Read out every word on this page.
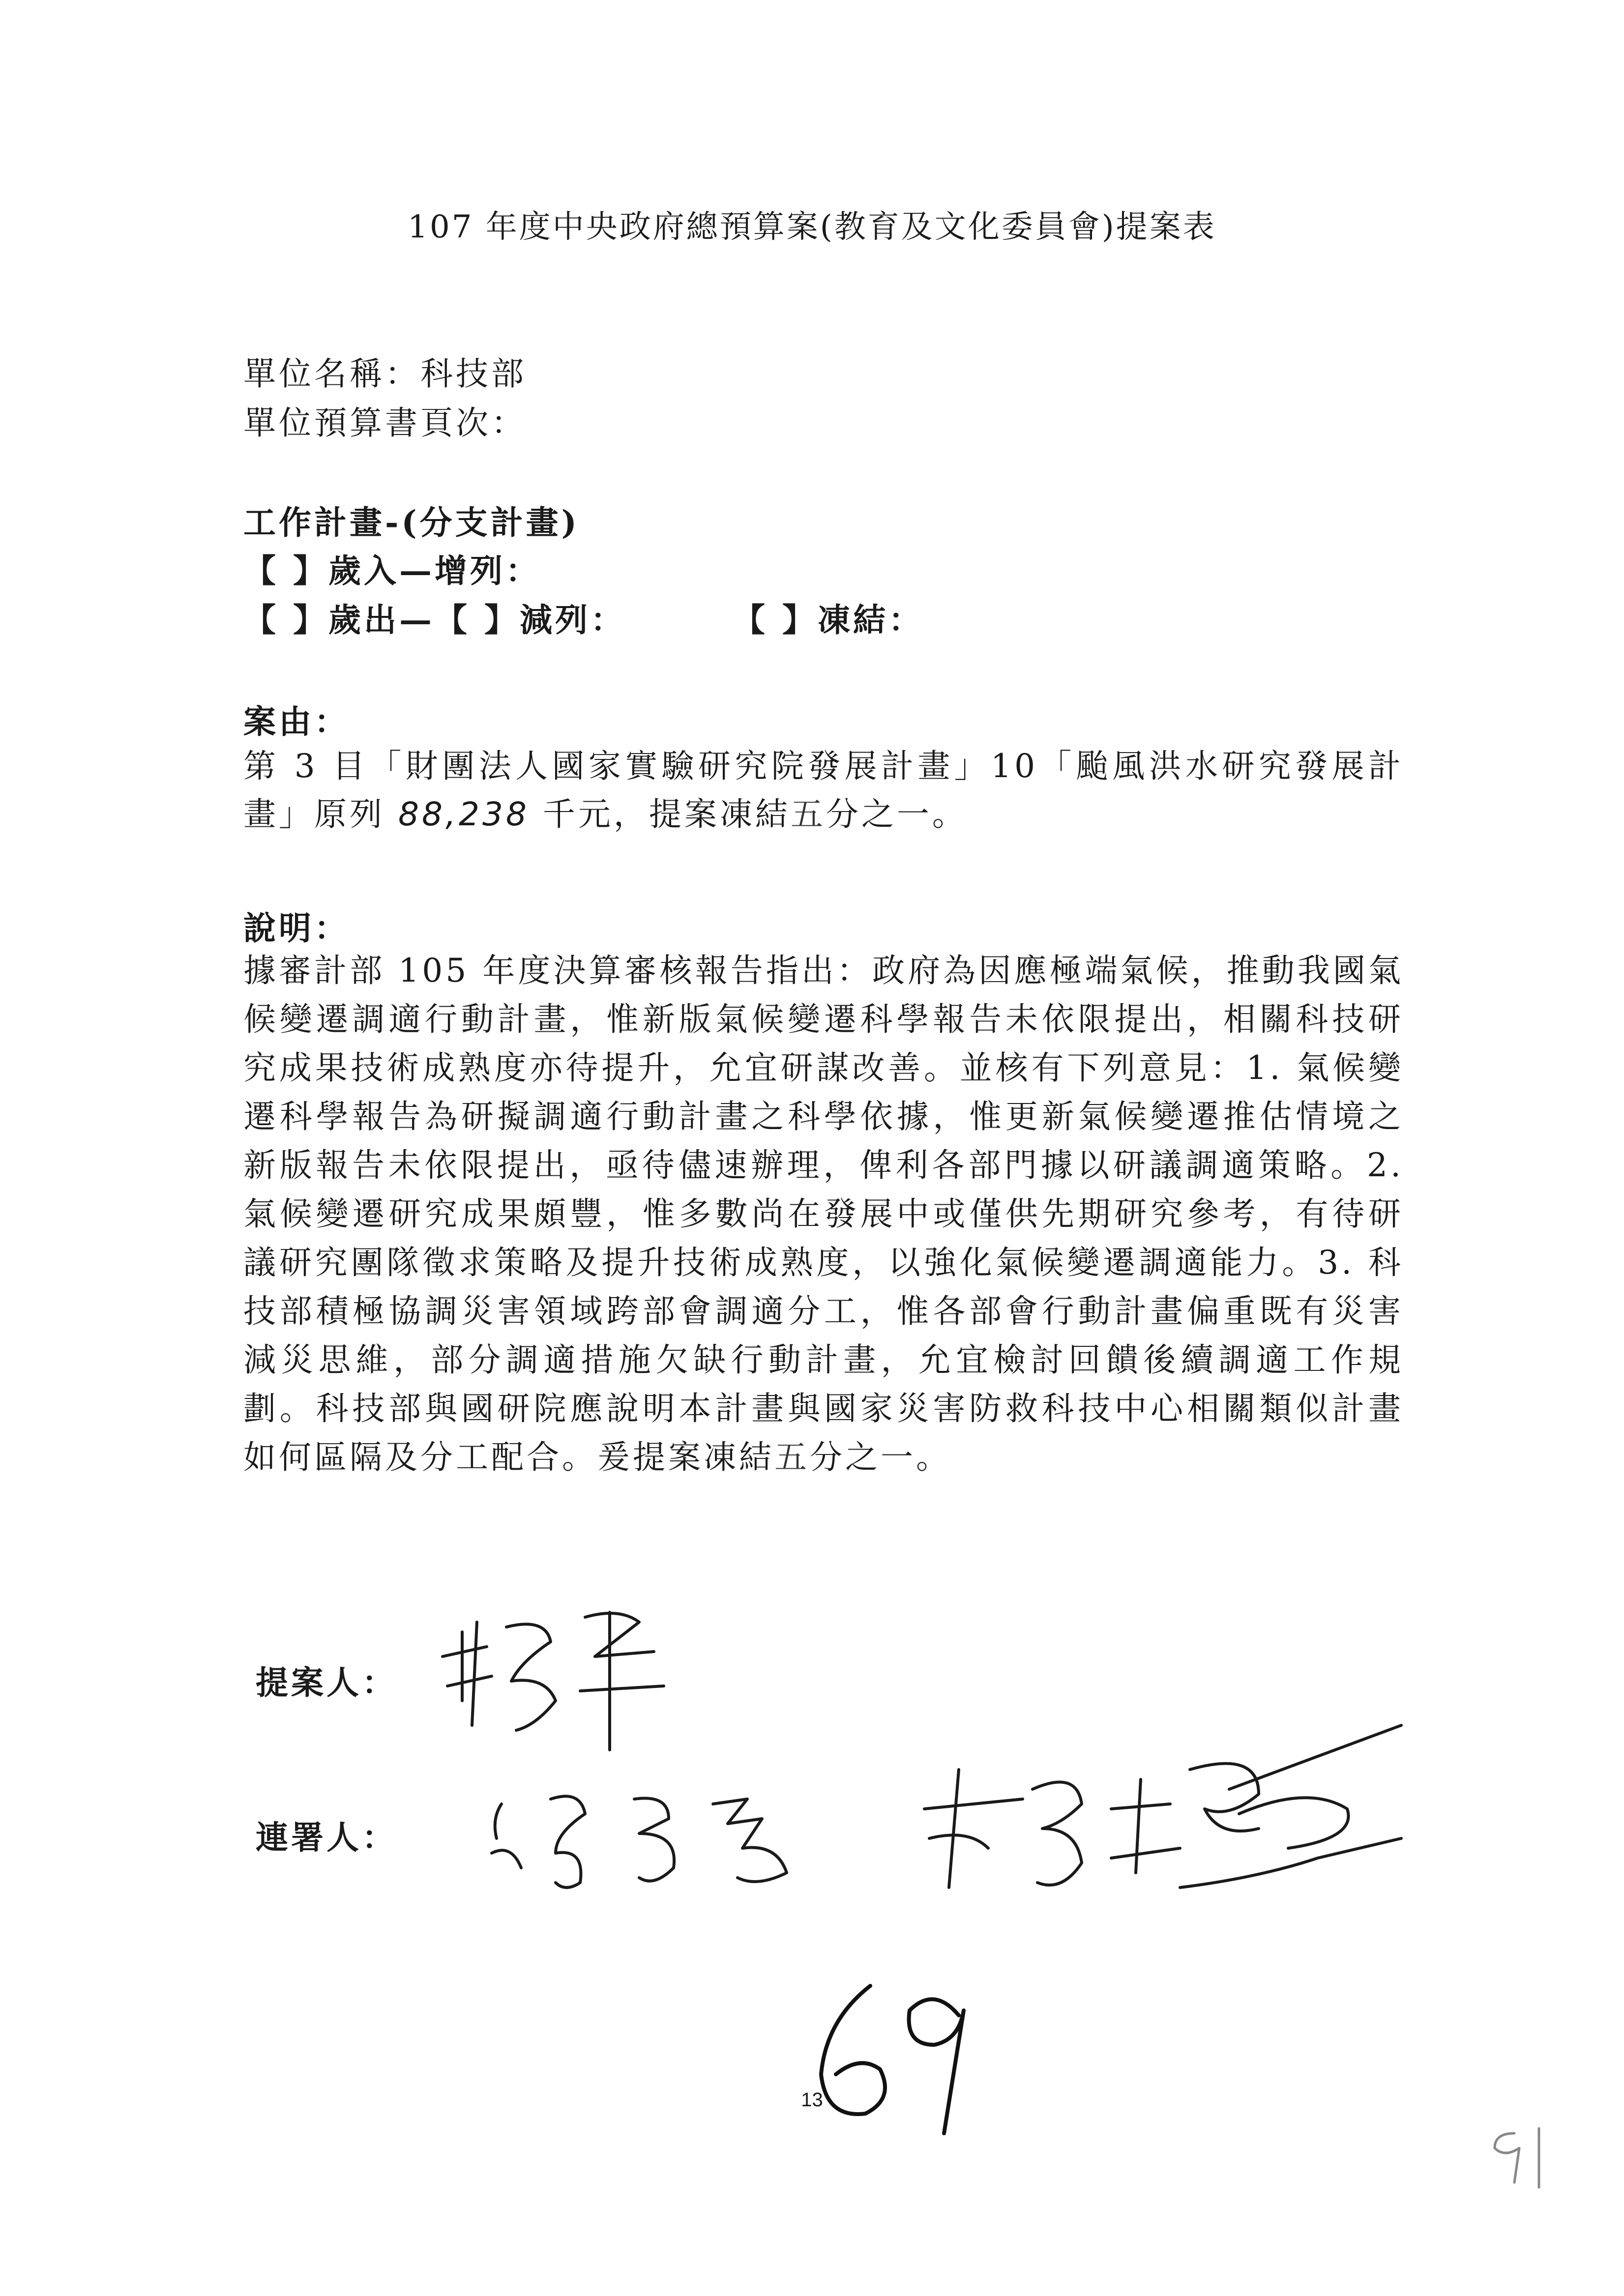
107 年度中央政府總預算案(教育及文化委員會)提案表
單位名稱：科技部
單位預算書頁次：
工作計畫-(分支計畫)
【 】歲入—增列：
【 】歲出—【 】減列：	【 】凍結：
案由：
第 3 目「財團法人國家實驗研究院發展計畫」10「颱風洪水研究發展計畫」原列 88,238 千元，提案凍結五分之一。
說明：
據審計部 105 年度決算審核報告指出：政府為因應極端氣候，推動我國氣候變遷調適行動計畫，惟新版氣候變遷科學報告未依限提出，相關科技研究成果技術成熟度亦待提升，允宜研謀改善。並核有下列意見：1. 氣候變遷科學報告為研擬調適行動計畫之科學依據，惟更新氣候變遷推估情境之新版報告未依限提出，亟待儘速辦理，俾利各部門據以研議調適策略。2. 氣候變遷研究成果頗豐，惟多數尚在發展中或僅供先期研究參考，有待研議研究團隊徵求策略及提升技術成熟度，以強化氣候變遷調適能力。3. 科技部積極協調災害領域跨部會調適分工，惟各部會行動計畫偏重既有災害減災思維，部分調適措施欠缺行動計畫，允宜檢討回饋後續調適工作規劃。科技部與國研院應說明本計畫與國家災害防救科技中心相關類似計畫如何區隔及分工配合。爰提案凍結五分之一。
提案人：
連署人：
13
